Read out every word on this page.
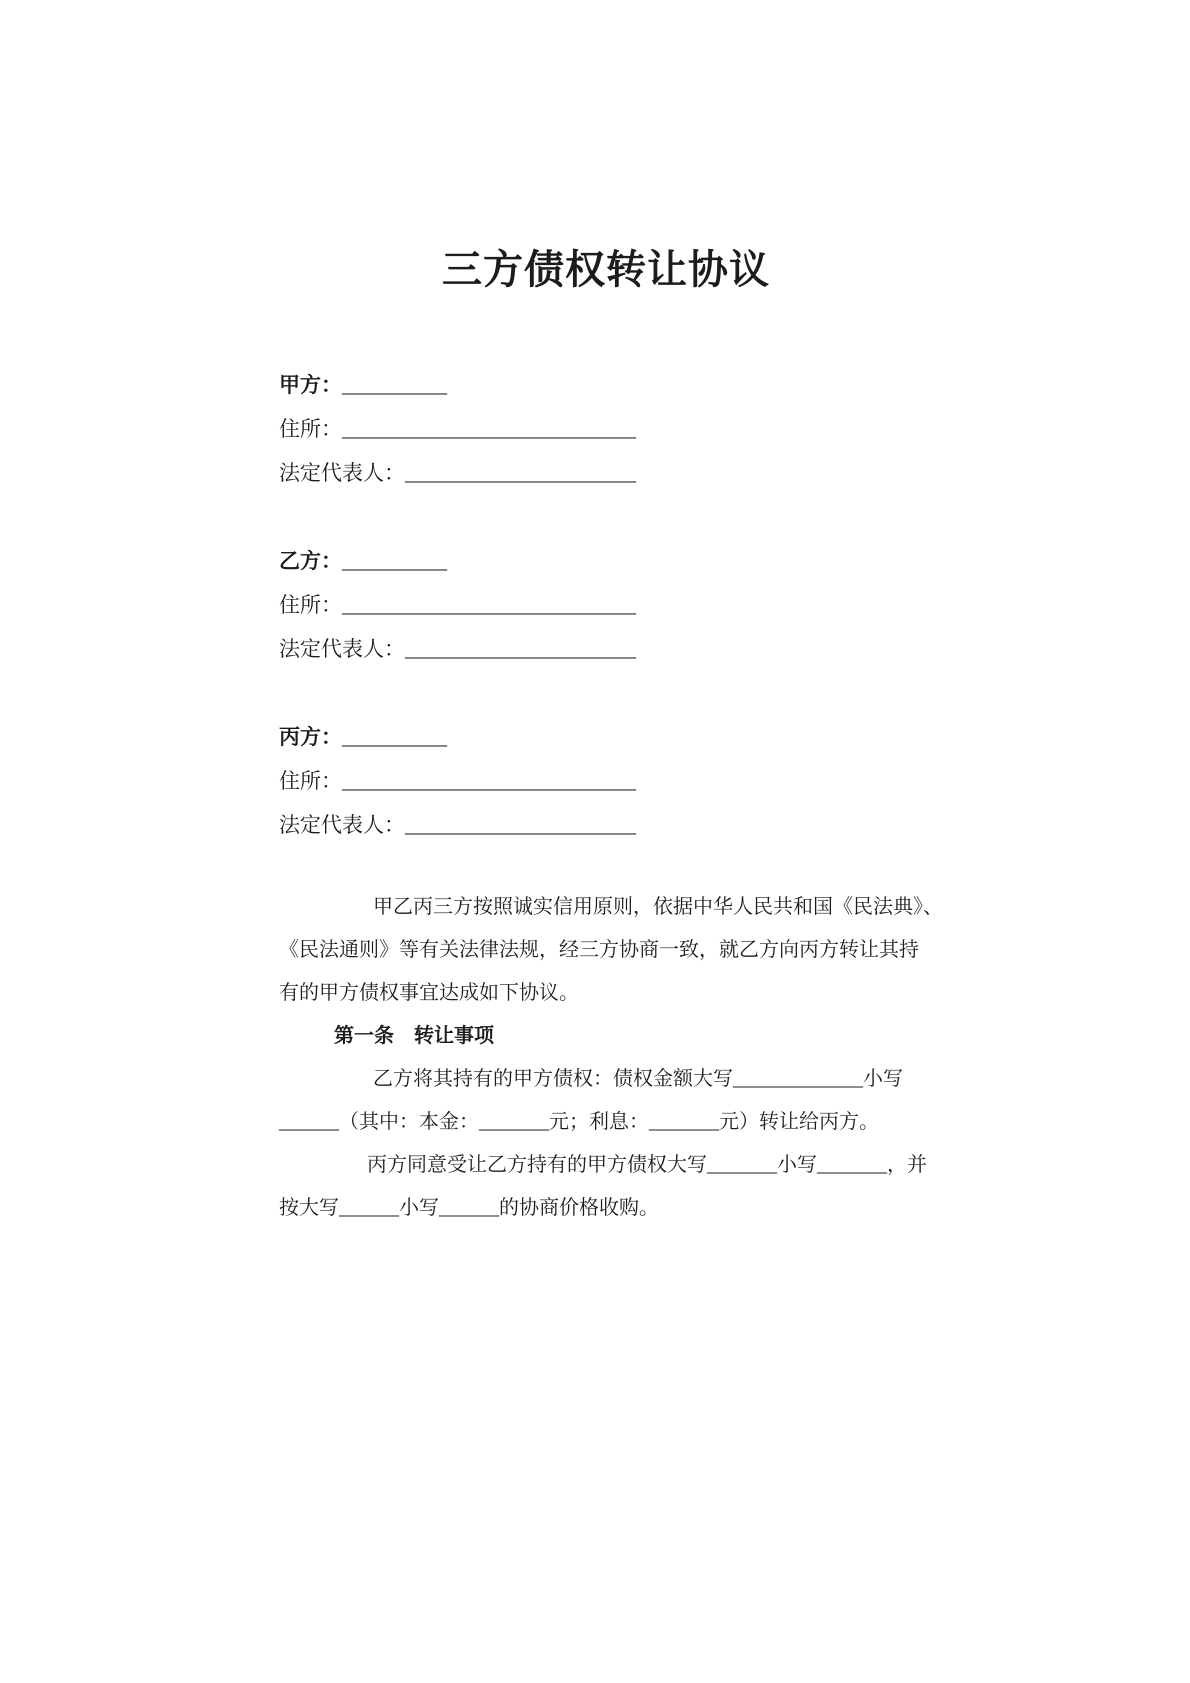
三方债权转让协议
甲方：__________
住所：____________________________
法定代表人：______________________
乙方：__________
住所：____________________________
法定代表人：______________________
丙方：__________
住所：____________________________
法定代表人：______________________
甲乙丙三方按照诚实信用原则，依据中华人民共和国《民法典》、
《民法通则》等有关法律法规，经三方协商一致，就乙方向丙方转让其持
有的甲方债权事宜达成如下协议。
第一条　转让事项
乙方将其持有的甲方债权：债权金额大写_____________小写
______（其中：本金：_______元；利息：_______元）转让给丙方。
丙方同意受让乙方持有的甲方债权大写_______小写_______，并
按大写______小写______的协商价格收购。
